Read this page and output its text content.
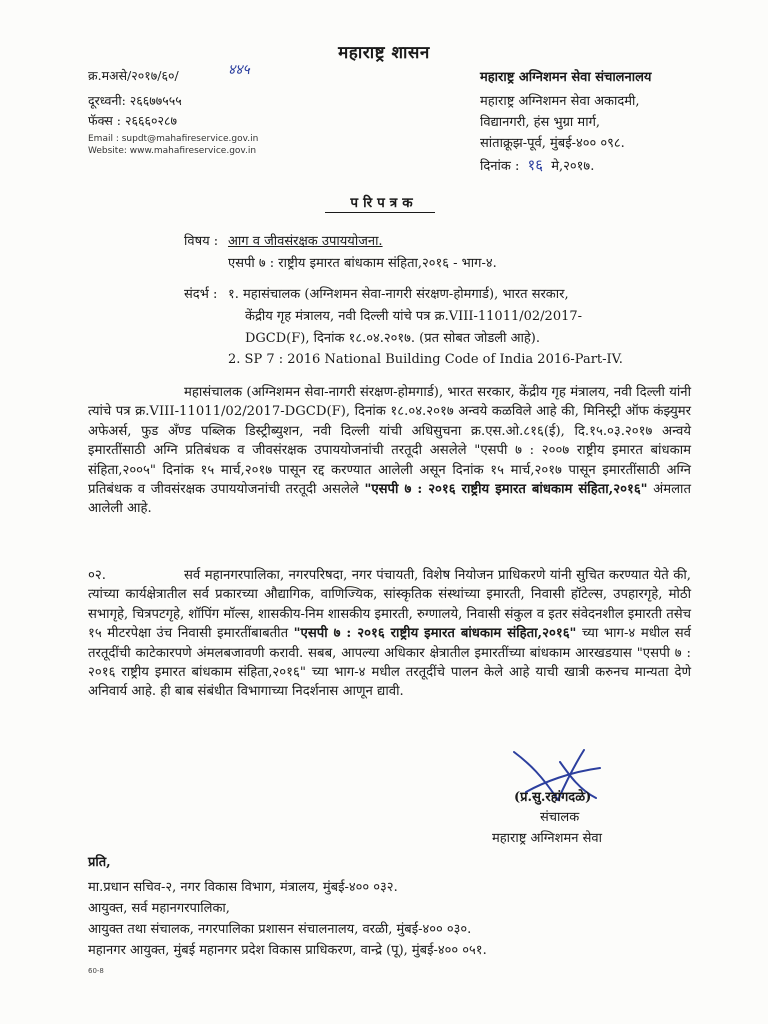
महाराष्ट्र शासन
क्र.मअसे/२०१७/६०/	४४५
दूरध्वनी: २६६७७५५५
फॅक्स : २६६६०२८७
Email : supdt@mahafireservice.gov.in
Website: www.mahafireservice.gov.in
महाराष्ट्र अग्निशमन सेवा संचालनालय
महाराष्ट्र अग्निशमन सेवा अकादमी,
विद्यानगरी, हंस भुग्रा मार्ग,
सांताक्रूझ-पूर्व, मुंबई-४०० ०९८.
दिनांक : १६ मे,२०१७.
परिपत्रक
विषय : आग व जीवसंरक्षक उपाययोजना.
एसपी ७ : राष्ट्रीय इमारत बांधकाम संहिता,२०१६ - भाग-४.
संदर्भ : १. महासंचालक (अग्निशमन सेवा-नागरी संरक्षण-होमगार्ड), भारत सरकार,
केंद्रीय गृह मंत्रालय, नवी दिल्ली यांचे पत्र क्र.VIII-11011/02/2017-
DGCD(F), दिनांक १८.०४.२०१७. (प्रत सोबत जोडली आहे).
2. SP 7 : 2016 National Building Code of India 2016-Part-IV.
महासंचालक (अग्निशमन सेवा-नागरी संरक्षण-होमगार्ड), भारत सरकार, केंद्रीय गृह मंत्रालय, नवी दिल्ली यांनी त्यांचे पत्र क्र.VIII-11011/02/2017-DGCD(F), दिनांक १८.०४.२०१७ अन्वये कळविले आहे की, मिनिस्ट्री ऑफ कंझ्युमर अफेअर्स, फुड अँण्ड पब्लिक डिस्ट्रीब्युशन, नवी दिल्ली यांची अधिसुचना क्र.एस.ओ.८१६(ई), दि.१५.०३.२०१७ अन्वये इमारतींसाठी अग्नि प्रतिबंधक व जीवसंरक्षक उपाययोजनांची तरतूदी असलेले "एसपी ७ : २००७ राष्ट्रीय इमारत बांधकाम संहिता,२००५" दिनांक १५ मार्च,२०१७ पासून रद्द करण्यात आलेली असून दिनांक १५ मार्च,२०१७ पासून इमारतींसाठी अग्नि प्रतिबंधक व जीवसंरक्षक उपाययोजनांची तरतूदी असलेले "एसपी ७ : २०१६ राष्ट्रीय इमारत बांधकाम संहिता,२०१६" अंमलात आलेली आहे.
०२.	सर्व महानगरपालिका, नगरपरिषदा, नगर पंचायती, विशेष नियोजन प्राधिकरणे यांनी सुचित करण्यात येते की, त्यांच्या कार्यक्षेत्रातील सर्व प्रकारच्या औद्यागिक, वाणिज्यिक, सांस्कृतिक संस्थांच्या इमारती, निवासी हॉटेल्स, उपहारगृहे, मोठी सभागृहे, चित्रपटगृहे, शॉपिंग मॉल्स, शासकीय-निम शासकीय इमारती, रुग्णालये, निवासी संकुल व इतर संवेदनशील इमारती तसेच १५ मीटरपेक्षा उंच निवासी इमारतींबाबतीत "एसपी ७ : २०१६ राष्ट्रीय इमारत बांधकाम संहिता,२०१६" च्या भाग-४ मधील सर्व तरतूदींची काटेकारपणे अंमलबजावणी करावी. सबब, आपल्या अधिकार क्षेत्रातील इमारतींच्या बांधकाम आरखडयास "एसपी ७ : २०१६ राष्ट्रीय इमारत बांधकाम संहिता,२०१६" च्या भाग-४ मधील तरतूदींचे पालन केले आहे याची खात्री करुनच मान्यता देणे अनिवार्य आहे. ही बाब संबंधीत विभागाच्या निदर्शनास आणून द्यावी.
(प्र.सु.रहांगदळे)
संचालक
महाराष्ट्र अग्निशमन सेवा
प्रति,
मा.प्रधान सचिव-२, नगर विकास विभाग, मंत्रालय, मुंबई-४०० ०३२.
आयुक्त, सर्व महानगरपालिका,
आयुक्त तथा संचालक, नगरपालिका प्रशासन संचालनालय, वरळी, मुंबई-४०० ०३०.
महानगर आयुक्त, मुंबई महानगर प्रदेश विकास प्राधिकरण, वान्द्रे (पू), मुंबई-४०० ०५१.
60-8
